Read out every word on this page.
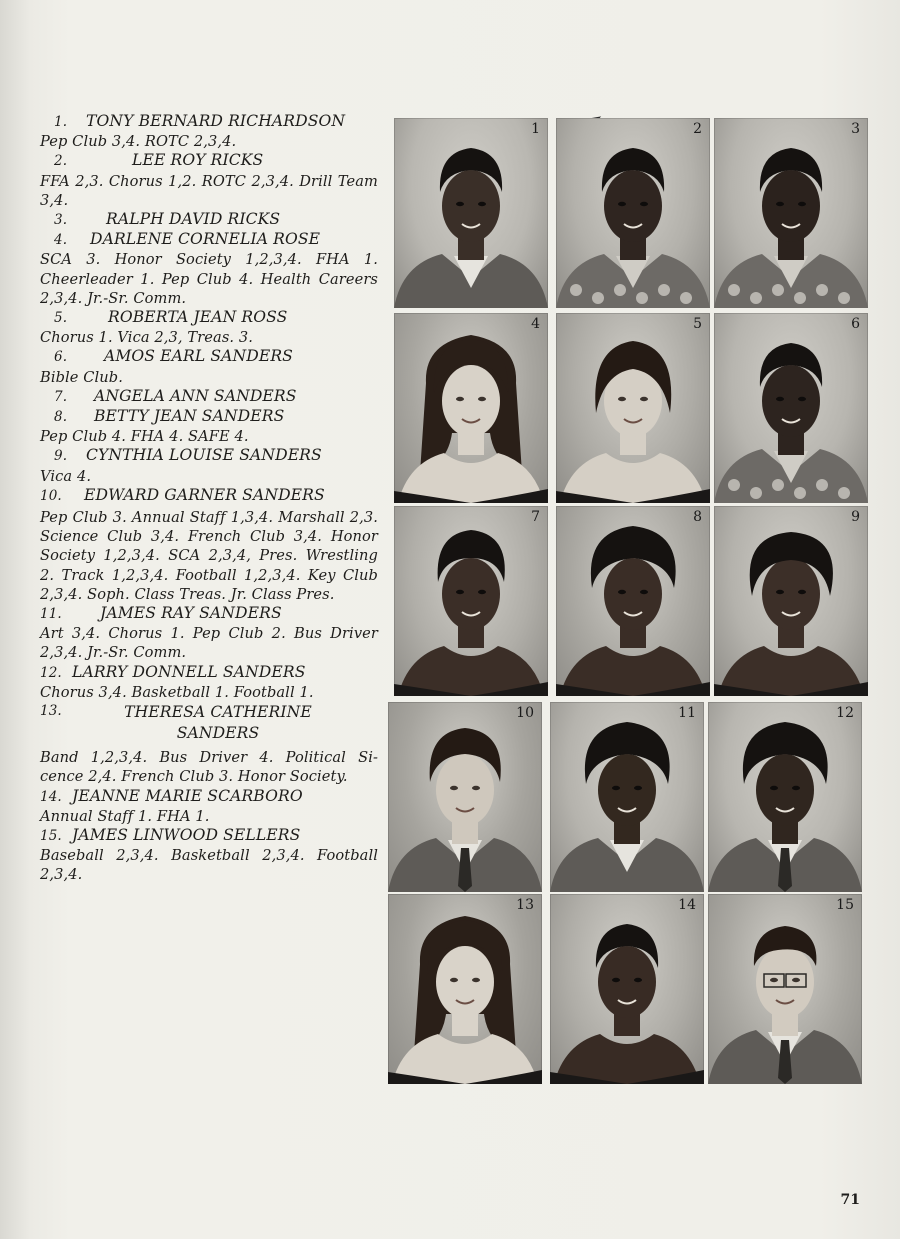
1.	TONY BERNARD RICHARDSON
Pep Club 3,4. ROTC 2,3,4.
2.	LEE ROY RICKS
FFA 2,3. Chorus 1,2. ROTC 2,3,4. Drill Team 3,4.
3.	RALPH DAVID RICKS
4.	DARLENE CORNELIA ROSE
SCA 3. Honor Society 1,2,3,4. FHA 1. Cheerleader 1. Pep Club 4. Health Careers 2,3,4. Jr.-Sr. Comm.
5.	ROBERTA JEAN ROSS
Chorus 1. Vica 2,3, Treas. 3.
6.	AMOS EARL SANDERS
Bible Club.
7.	ANGELA ANN SANDERS
8.	BETTY JEAN SANDERS
Pep Club 4. FHA 4. SAFE 4.
9.	CYNTHIA LOUISE SANDERS
Vica 4.
10.	EDWARD GARNER SANDERS
Pep Club 3. Annual Staff 1,3,4. Marshall 2,3. Science Club 3,4. French Club 3,4. Honor Society 1,2,3,4. SCA 2,3,4, Pres. Wrestling 2. Track 1,2,3,4. Football 1,2,3,4. Key Club 2,3,4. Soph. Class Treas. Jr. Class Pres.
11.	JAMES RAY SANDERS
Art 3,4. Chorus 1. Pep Club 2. Bus Driver 2,3,4. Jr.-Sr. Comm.
12. LARRY DONNELL SANDERS
Chorus 3,4. Basketball 1. Football 1.
13.	THERESA CATHERINE SANDERS
Band 1,2,3,4. Bus Driver 4. Political Si- cence 2,4. French Club 3. Honor Society.
14. JEANNE MARIE SCARBORO
Annual Staff 1. FHA 1.
15. JAMES LINWOOD SELLERS
Baseball 2,3,4. Basketball 2,3,4. Football 2,3,4.
1	2	3
4	5	6
7	8	9
10	11	12
13	14	15
71
